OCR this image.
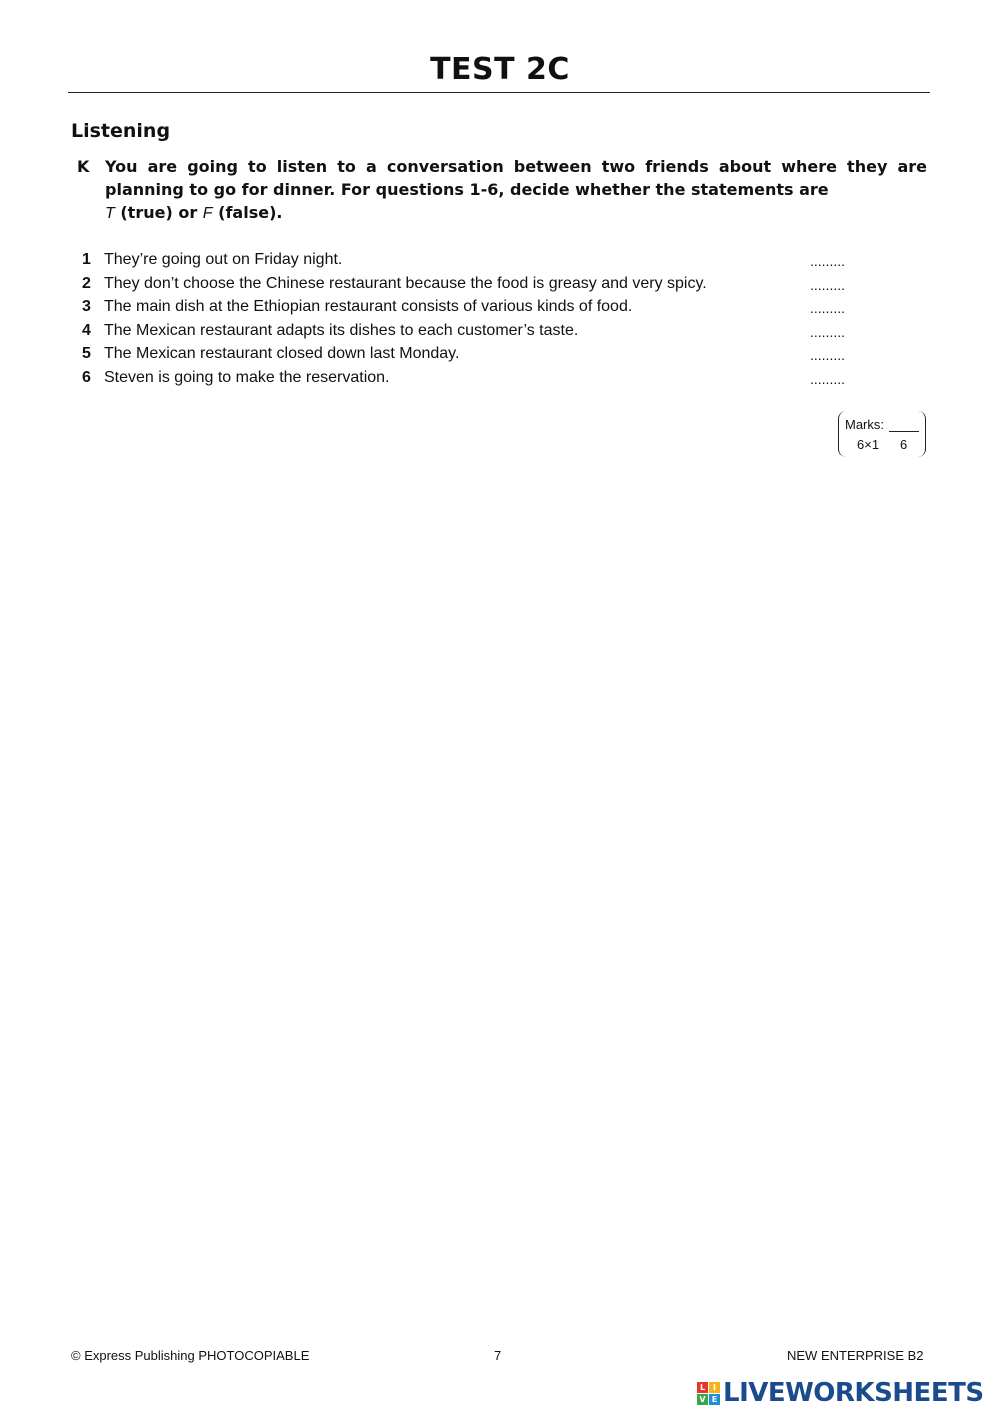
TEST 2C
Listening
K You are going to listen to a conversation between two friends about where they are planning to go for dinner. For questions 1-6, decide whether the statements are
T (true) or F (false).
1 They’re going out on Friday night.	.........
2 They don’t choose the Chinese restaurant because the food is greasy and very spicy.	.........
3 The main dish at the Ethiopian restaurant consists of various kinds of food.	.........
4 The Mexican restaurant adapts its dishes to each customer’s taste.	.........
5 The Mexican restaurant closed down last Monday.	.........
6 Steven is going to make the reservation.	.........
Marks:
6×1 6
© Express Publishing PHOTOCOPIABLE	7	NEW ENTERPRISE B2
L I
V E LIVEWORKSHEETS
